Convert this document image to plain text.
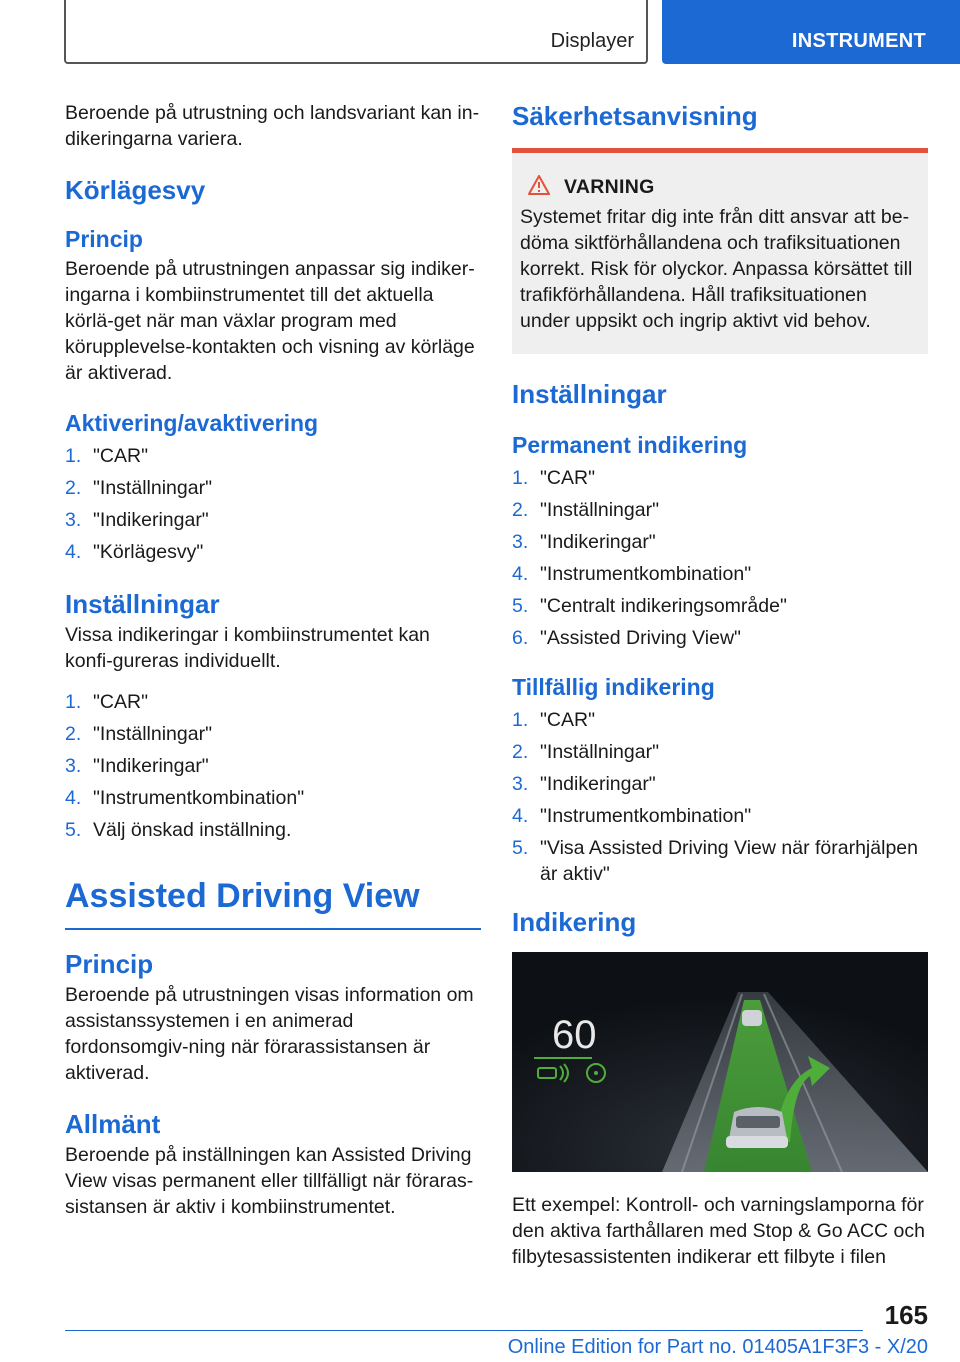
Displayer	INSTRUMENT

Beroende på utrustning och landsvariant kan in-dikeringarna variera.

Körlägesvy
Princip

Beroende på utrustningen anpassar sig indiker-ingarna i kombiinstrumentet till det aktuella körlä-get när man växlar program med körupplevelse-kontakten och visning av körläge är aktiverad.

Aktivering/avaktivering
1. "CAR"
2. "Inställningar"
3. "Indikeringar"
4. "Körlägesvy"
Inställningar

Vissa indikeringar i kombiinstrumentet kan konfi-gureras individuellt.

1. "CAR"
2. "Inställningar"
3. "Indikeringar"
4. "Instrumentkombination"
5. Välj önskad inställning.
Assisted Driving View
Princip

Beroende på utrustningen visas information om assistanssystemen i en animerad fordonsomgiv-ning när förarassistansen är aktiverad.

Allmänt

Beroende på inställningen kan Assisted Driving View visas permanent eller tillfälligt när föraras-sistansen är aktiv i kombiinstrumentet.

Säkerhetsanvisning
VARNING

Systemet fritar dig inte från ditt ansvar att be-döma siktförhållandena och trafiksituationen korrekt. Risk för olyckor. Anpassa körsättet till trafikförhållandena. Håll trafiksituationen under uppsikt och ingrip aktivt vid behov.

Inställningar
Permanent indikering
1. "CAR"
2. "Inställningar"
3. "Indikeringar"
4. "Instrumentkombination"
5. "Centralt indikeringsområde"
6. "Assisted Driving View"
Tillfällig indikering
1. "CAR"
2. "Inställningar"
3. "Indikeringar"
4. "Instrumentkombination"
5. "Visa Assisted Driving View när förarhjälpen är aktiv"
Indikering
60

Ett exempel: Kontroll- och varningslamporna för den aktiva farthållaren med Stop & Go ACC och filbytesassistenten indikerar ett filbyte i filen

165
Online Edition for Part no. 01405A1F3F3 - X/20
